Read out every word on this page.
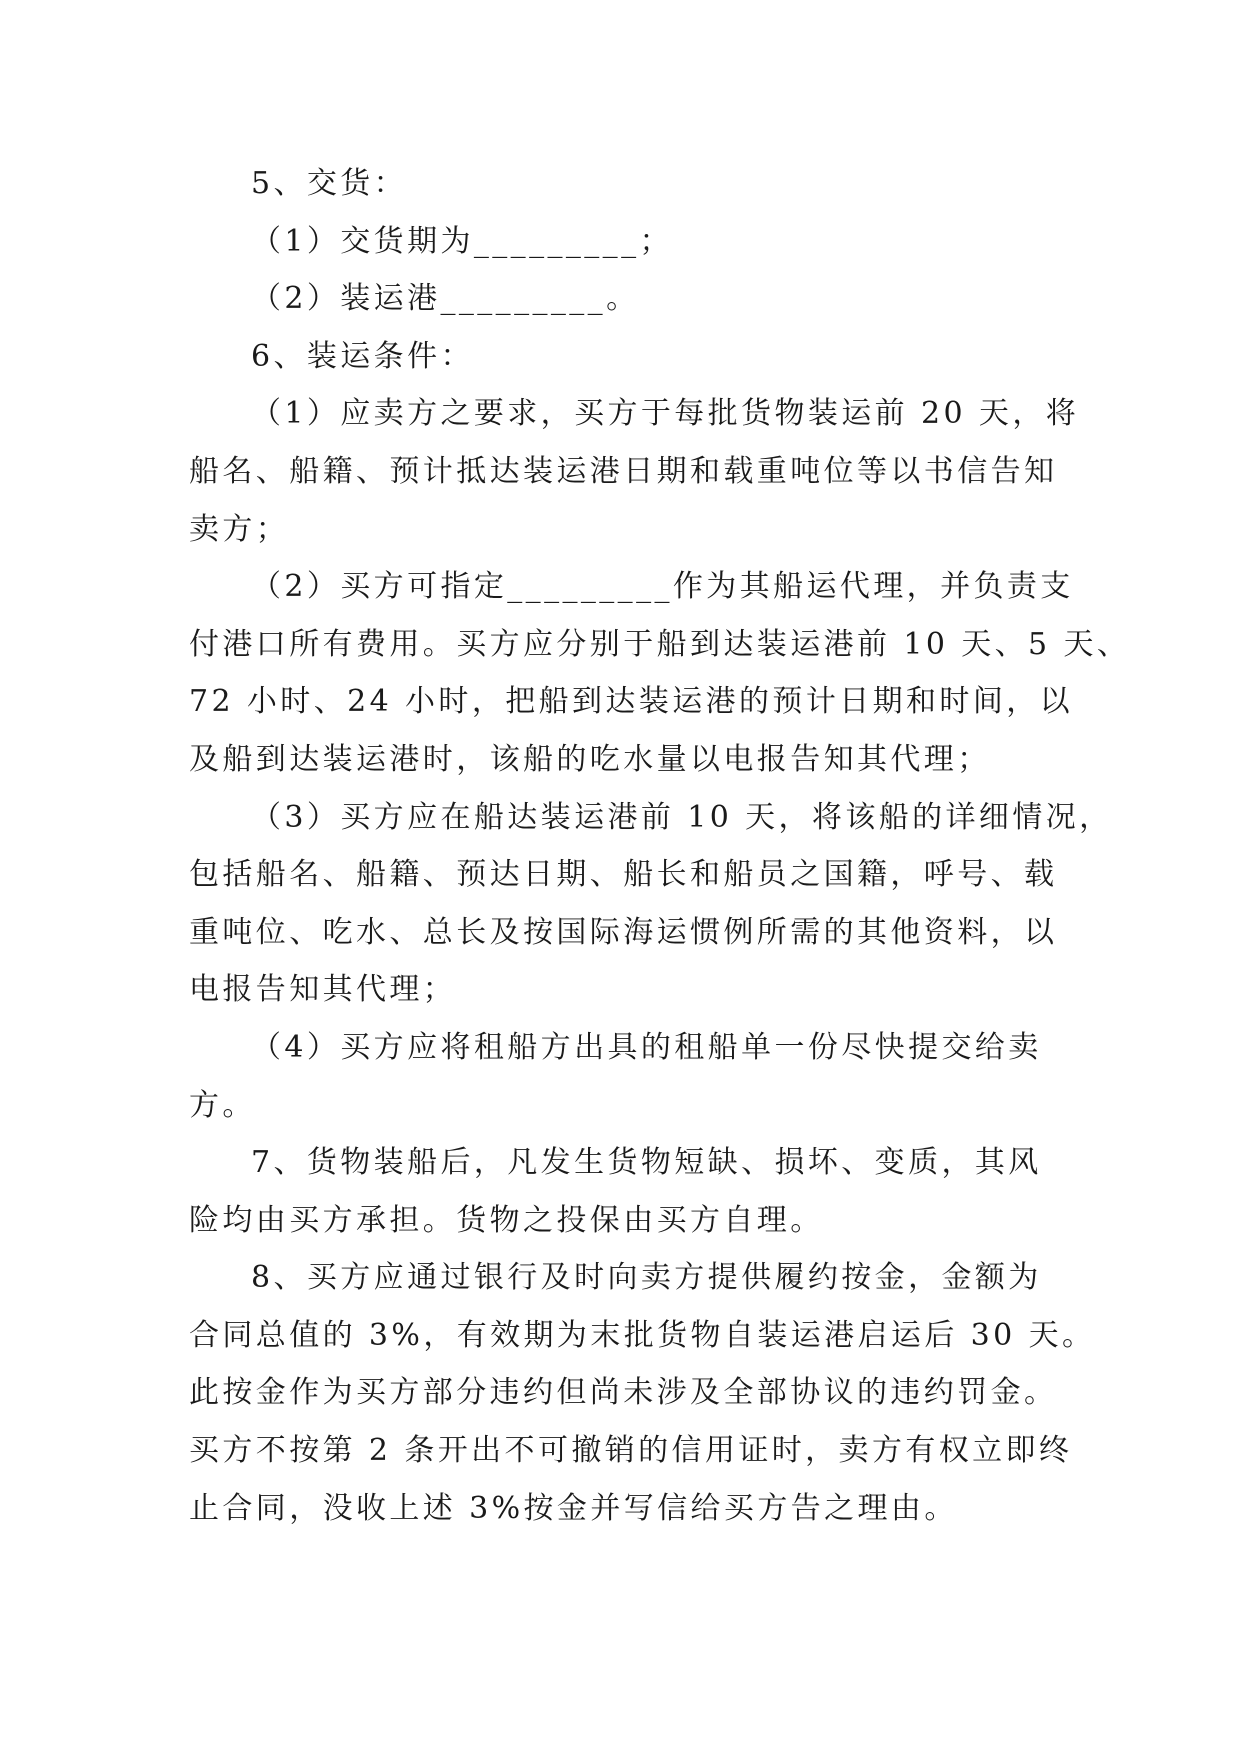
5、交货：
（1）交货期为_________；
（2）装运港_________。
6、装运条件：
（1）应卖方之要求，买方于每批货物装运前 20 天，将
船名、船籍、预计抵达装运港日期和载重吨位等以书信告知
卖方；
（2）买方可指定_________作为其船运代理，并负责支
付港口所有费用。买方应分别于船到达装运港前 10 天、5 天、
72 小时、24 小时，把船到达装运港的预计日期和时间，以
及船到达装运港时，该船的吃水量以电报告知其代理；
（3）买方应在船达装运港前 10 天，将该船的详细情况，
包括船名、船籍、预达日期、船长和船员之国籍，呼号、载
重吨位、吃水、总长及按国际海运惯例所需的其他资料，以
电报告知其代理；
（4）买方应将租船方出具的租船单一份尽快提交给卖
方。
7、货物装船后，凡发生货物短缺、损坏、变质，其风
险均由买方承担。货物之投保由买方自理。
8、买方应通过银行及时向卖方提供履约按金，金额为
合同总值的 3%，有效期为末批货物自装运港启运后 30 天。
此按金作为买方部分违约但尚未涉及全部协议的违约罚金。
买方不按第 2 条开出不可撤销的信用证时，卖方有权立即终
止合同，没收上述 3%按金并写信给买方告之理由。
